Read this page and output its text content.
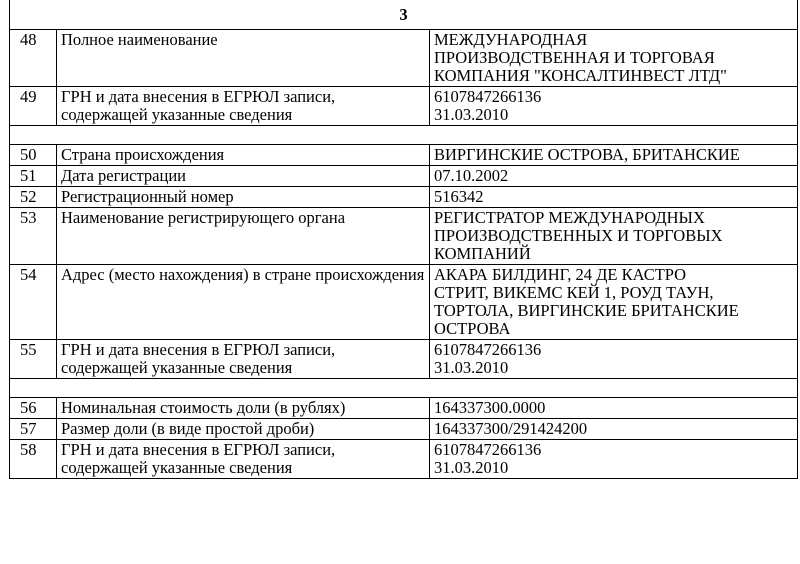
3		
48	Полное наименование	МЕЖДУНАРОДНАЯ
ПРОИЗВОДСТВЕННАЯ И ТОРГОВАЯ
КОМПАНИЯ "КОНСАЛТИНВЕСТ ЛТД"

49	ГРН и дата внесения в ЕГРЮЛ записи, содержащей указанные сведения	6107847266136
31.03.2010

50	Страна происхождения	ВИРГИНСКИЕ ОСТРОВА, БРИТАНСКИЕ

51	Дата регистрации	07.10.2002

52	Регистрационный номер	516342

53	Наименование регистрирующего органа	РЕГИСТРАТОР МЕЖДУНАРОДНЫХ
ПРОИЗВОДСТВЕННЫХ И ТОРГОВЫХ
КОМПАНИЙ

54	Адрес (место нахождения) в стране происхождения	АКАРА БИЛДИНГ, 24 ДЕ КАСТРО
СТРИТ, ВИКЕМС КЕЙ 1, РОУД ТАУН,
ТОРТОЛА, ВИРГИНСКИЕ БРИТАНСКИЕ
ОСТРОВА

55	ГРН и дата внесения в ЕГРЮЛ записи, содержащей указанные сведения	6107847266136
31.03.2010

56	Номинальная стоимость доли (в рублях)	164337300.0000

57	Размер доли (в виде простой дроби)	164337300/291424200

58	ГРН и дата внесения в ЕГРЮЛ записи, содержащей указанные сведения	6107847266136
31.03.2010
